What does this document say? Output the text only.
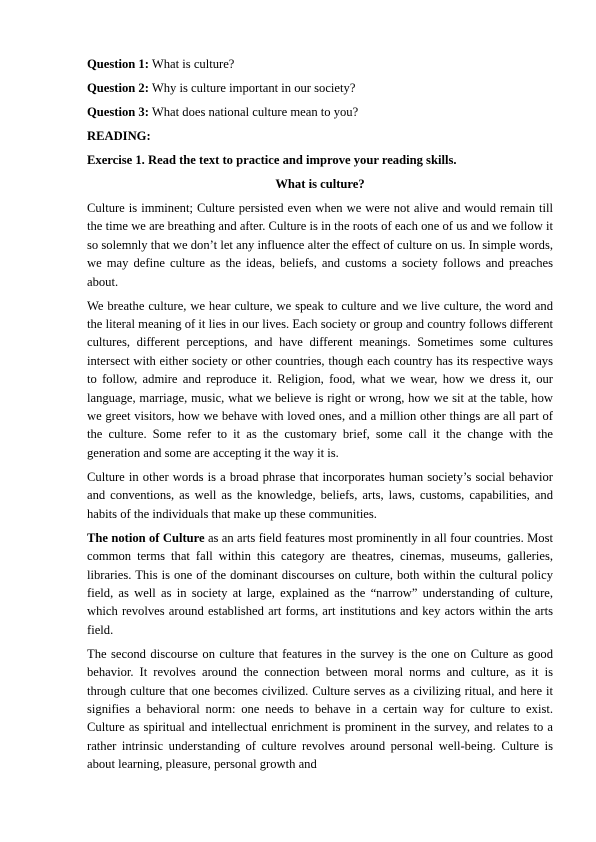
Question 1: What is culture?

Question 2: Why is culture important in our society?

Question 3: What does national culture mean to you?

READING:

Exercise 1. Read the text to practice and improve your reading skills.

What is culture?

Culture is imminent; Culture persisted even when we were not alive and would remain till the time we are breathing and after. Culture is in the roots of each one of us and we follow it so solemnly that we don’t let any influence alter the effect of culture on us. In simple words, we may define culture as the ideas, beliefs, and customs a society follows and preaches about.

We breathe culture, we hear culture, we speak to culture and we live culture, the word and the literal meaning of it lies in our lives. Each society or group and country follows different cultures, different perceptions, and have different meanings. Sometimes some cultures intersect with either society or other countries, though each country has its respective ways to follow, admire and reproduce it. Religion, food, what we wear, how we dress it, our language, marriage, music, what we believe is right or wrong, how we sit at the table, how we greet visitors, how we behave with loved ones, and a million other things are all part of the culture. Some refer to it as the customary brief, some call it the change with the generation and some are accepting it the way it is.

Culture in other words is a broad phrase that incorporates human society’s social behavior and conventions, as well as the knowledge, beliefs, arts, laws, customs, capabilities, and habits of the individuals that make up these communities.

The notion of Culture as an arts field features most prominently in all four countries. Most common terms that fall within this category are theatres, cinemas, museums, galleries, libraries. This is one of the dominant discourses on culture, both within the cultural policy field, as well as in society at large, explained as the “narrow” understanding of culture, which revolves around established art forms, art institutions and key actors within the arts field.

The second discourse on culture that features in the survey is the one on Culture as good behavior. It revolves around the connection between moral norms and culture, as it is through culture that one becomes civilized. Culture serves as a civilizing ritual, and here it signifies a behavioral norm: one needs to behave in a certain way for culture to exist. Culture as spiritual and intellectual enrichment is prominent in the survey, and relates to a rather intrinsic understanding of culture revolves around personal well-being. Culture is about learning, pleasure, personal growth and
